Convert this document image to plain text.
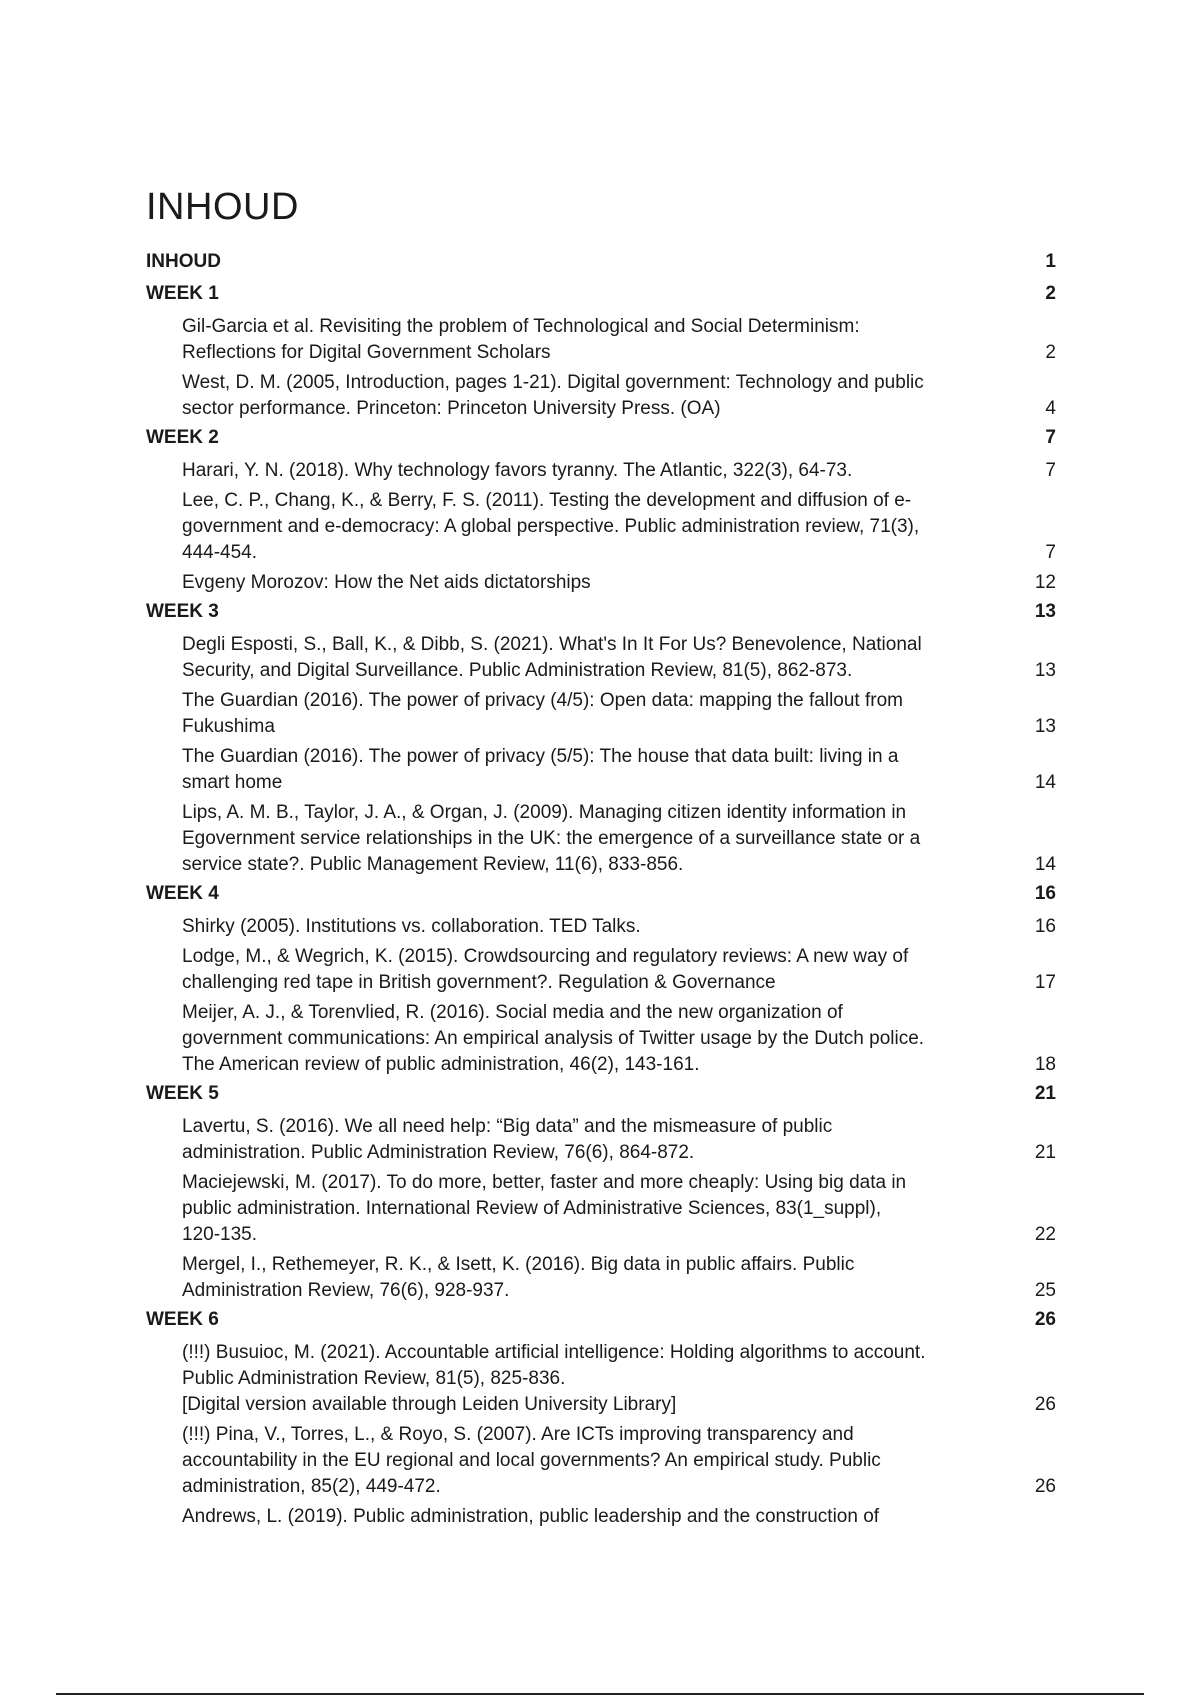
INHOUD
INHOUD	1
WEEK 1	2
Gil-Garcia et al. Revisiting the problem of Technological and Social Determinism:
Reflections for Digital Government Scholars	2
West, D. M. (2005, Introduction, pages 1-21). Digital government: Technology and public
sector performance. Princeton: Princeton University Press. (OA)	4
WEEK 2	7
Harari, Y. N. (2018). Why technology favors tyranny. The Atlantic, 322(3), 64-73.	7
Lee, C. P., Chang, K., & Berry, F. S. (2011). Testing the development and diffusion of e-
government and e-democracy: A global perspective. Public administration review, 71(3),
444-454.	7
Evgeny Morozov: How the Net aids dictatorships	12
WEEK 3	13
Degli Esposti, S., Ball, K., & Dibb, S. (2021). What's In It For Us? Benevolence, National
Security, and Digital Surveillance. Public Administration Review, 81(5), 862-873.	13
The Guardian (2016). The power of privacy (4/5): Open data: mapping the fallout from
Fukushima	13
The Guardian (2016). The power of privacy (5/5): The house that data built: living in a
smart home	14
Lips, A. M. B., Taylor, J. A., & Organ, J. (2009). Managing citizen identity information in
Egovernment service relationships in the UK: the emergence of a surveillance state or a
service state?. Public Management Review, 11(6), 833-856.	14
WEEK 4	16
Shirky (2005). Institutions vs. collaboration. TED Talks.	16
Lodge, M., & Wegrich, K. (2015). Crowdsourcing and regulatory reviews: A new way of
challenging red tape in British government?. Regulation & Governance	17
Meijer, A. J., & Torenvlied, R. (2016). Social media and the new organization of
government communications: An empirical analysis of Twitter usage by the Dutch police.
The American review of public administration, 46(2), 143-161.	18
WEEK 5	21
Lavertu, S. (2016). We all need help: “Big data” and the mismeasure of public
administration. Public Administration Review, 76(6), 864-872.	21
Maciejewski, M. (2017). To do more, better, faster and more cheaply: Using big data in
public administration. International Review of Administrative Sciences, 83(1_suppl),
120-135.	22
Mergel, I., Rethemeyer, R. K., & Isett, K. (2016). Big data in public affairs. Public
Administration Review, 76(6), 928-937.	25
WEEK 6	26
(!!!) Busuioc, M. (2021). Accountable artificial intelligence: Holding algorithms to account.
Public Administration Review, 81(5), 825-836.
[Digital version available through Leiden University Library]	26
(!!!) Pina, V., Torres, L., & Royo, S. (2007). Are ICTs improving transparency and
accountability in the EU regional and local governments? An empirical study. Public
administration, 85(2), 449-472.	26
Andrews, L. (2019). Public administration, public leadership and the construction of
